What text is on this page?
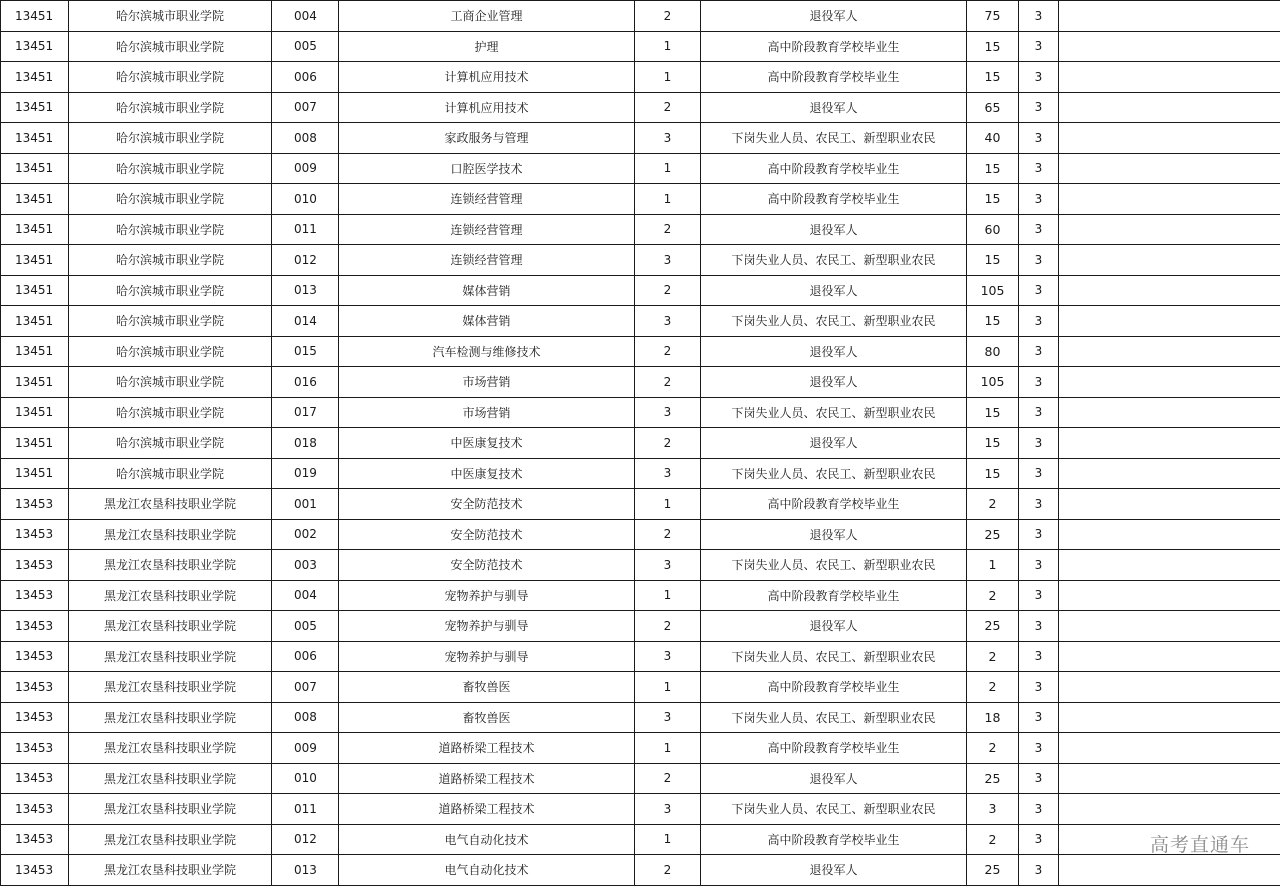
13451	哈尔滨城市职业学院	004	工商企业管理	2	退役军人	75	3	
13451	哈尔滨城市职业学院	005	护理	1	高中阶段教育学校毕业生	15	3	
13451	哈尔滨城市职业学院	006	计算机应用技术	1	高中阶段教育学校毕业生	15	3	
13451	哈尔滨城市职业学院	007	计算机应用技术	2	退役军人	65	3	
13451	哈尔滨城市职业学院	008	家政服务与管理	3	下岗失业人员、农民工、新型职业农民	40	3	
13451	哈尔滨城市职业学院	009	口腔医学技术	1	高中阶段教育学校毕业生	15	3	
13451	哈尔滨城市职业学院	010	连锁经营管理	1	高中阶段教育学校毕业生	15	3	
13451	哈尔滨城市职业学院	011	连锁经营管理	2	退役军人	60	3	
13451	哈尔滨城市职业学院	012	连锁经营管理	3	下岗失业人员、农民工、新型职业农民	15	3	
13451	哈尔滨城市职业学院	013	媒体营销	2	退役军人	105	3	
13451	哈尔滨城市职业学院	014	媒体营销	3	下岗失业人员、农民工、新型职业农民	15	3	
13451	哈尔滨城市职业学院	015	汽车检测与维修技术	2	退役军人	80	3	
13451	哈尔滨城市职业学院	016	市场营销	2	退役军人	105	3	
13451	哈尔滨城市职业学院	017	市场营销	3	下岗失业人员、农民工、新型职业农民	15	3	
13451	哈尔滨城市职业学院	018	中医康复技术	2	退役军人	15	3	
13451	哈尔滨城市职业学院	019	中医康复技术	3	下岗失业人员、农民工、新型职业农民	15	3	
13453	黑龙江农垦科技职业学院	001	安全防范技术	1	高中阶段教育学校毕业生	2	3	
13453	黑龙江农垦科技职业学院	002	安全防范技术	2	退役军人	25	3	
13453	黑龙江农垦科技职业学院	003	安全防范技术	3	下岗失业人员、农民工、新型职业农民	1	3	
13453	黑龙江农垦科技职业学院	004	宠物养护与驯导	1	高中阶段教育学校毕业生	2	3	
13453	黑龙江农垦科技职业学院	005	宠物养护与驯导	2	退役军人	25	3	
13453	黑龙江农垦科技职业学院	006	宠物养护与驯导	3	下岗失业人员、农民工、新型职业农民	2	3	
13453	黑龙江农垦科技职业学院	007	畜牧兽医	1	高中阶段教育学校毕业生	2	3	
13453	黑龙江农垦科技职业学院	008	畜牧兽医	3	下岗失业人员、农民工、新型职业农民	18	3	
13453	黑龙江农垦科技职业学院	009	道路桥梁工程技术	1	高中阶段教育学校毕业生	2	3	
13453	黑龙江农垦科技职业学院	010	道路桥梁工程技术	2	退役军人	25	3	
13453	黑龙江农垦科技职业学院	011	道路桥梁工程技术	3	下岗失业人员、农民工、新型职业农民	3	3	
13453	黑龙江农垦科技职业学院	012	电气自动化技术	1	高中阶段教育学校毕业生	2	3	
13453	黑龙江农垦科技职业学院	013	电气自动化技术	2	退役军人	25	3	
高考直通车
